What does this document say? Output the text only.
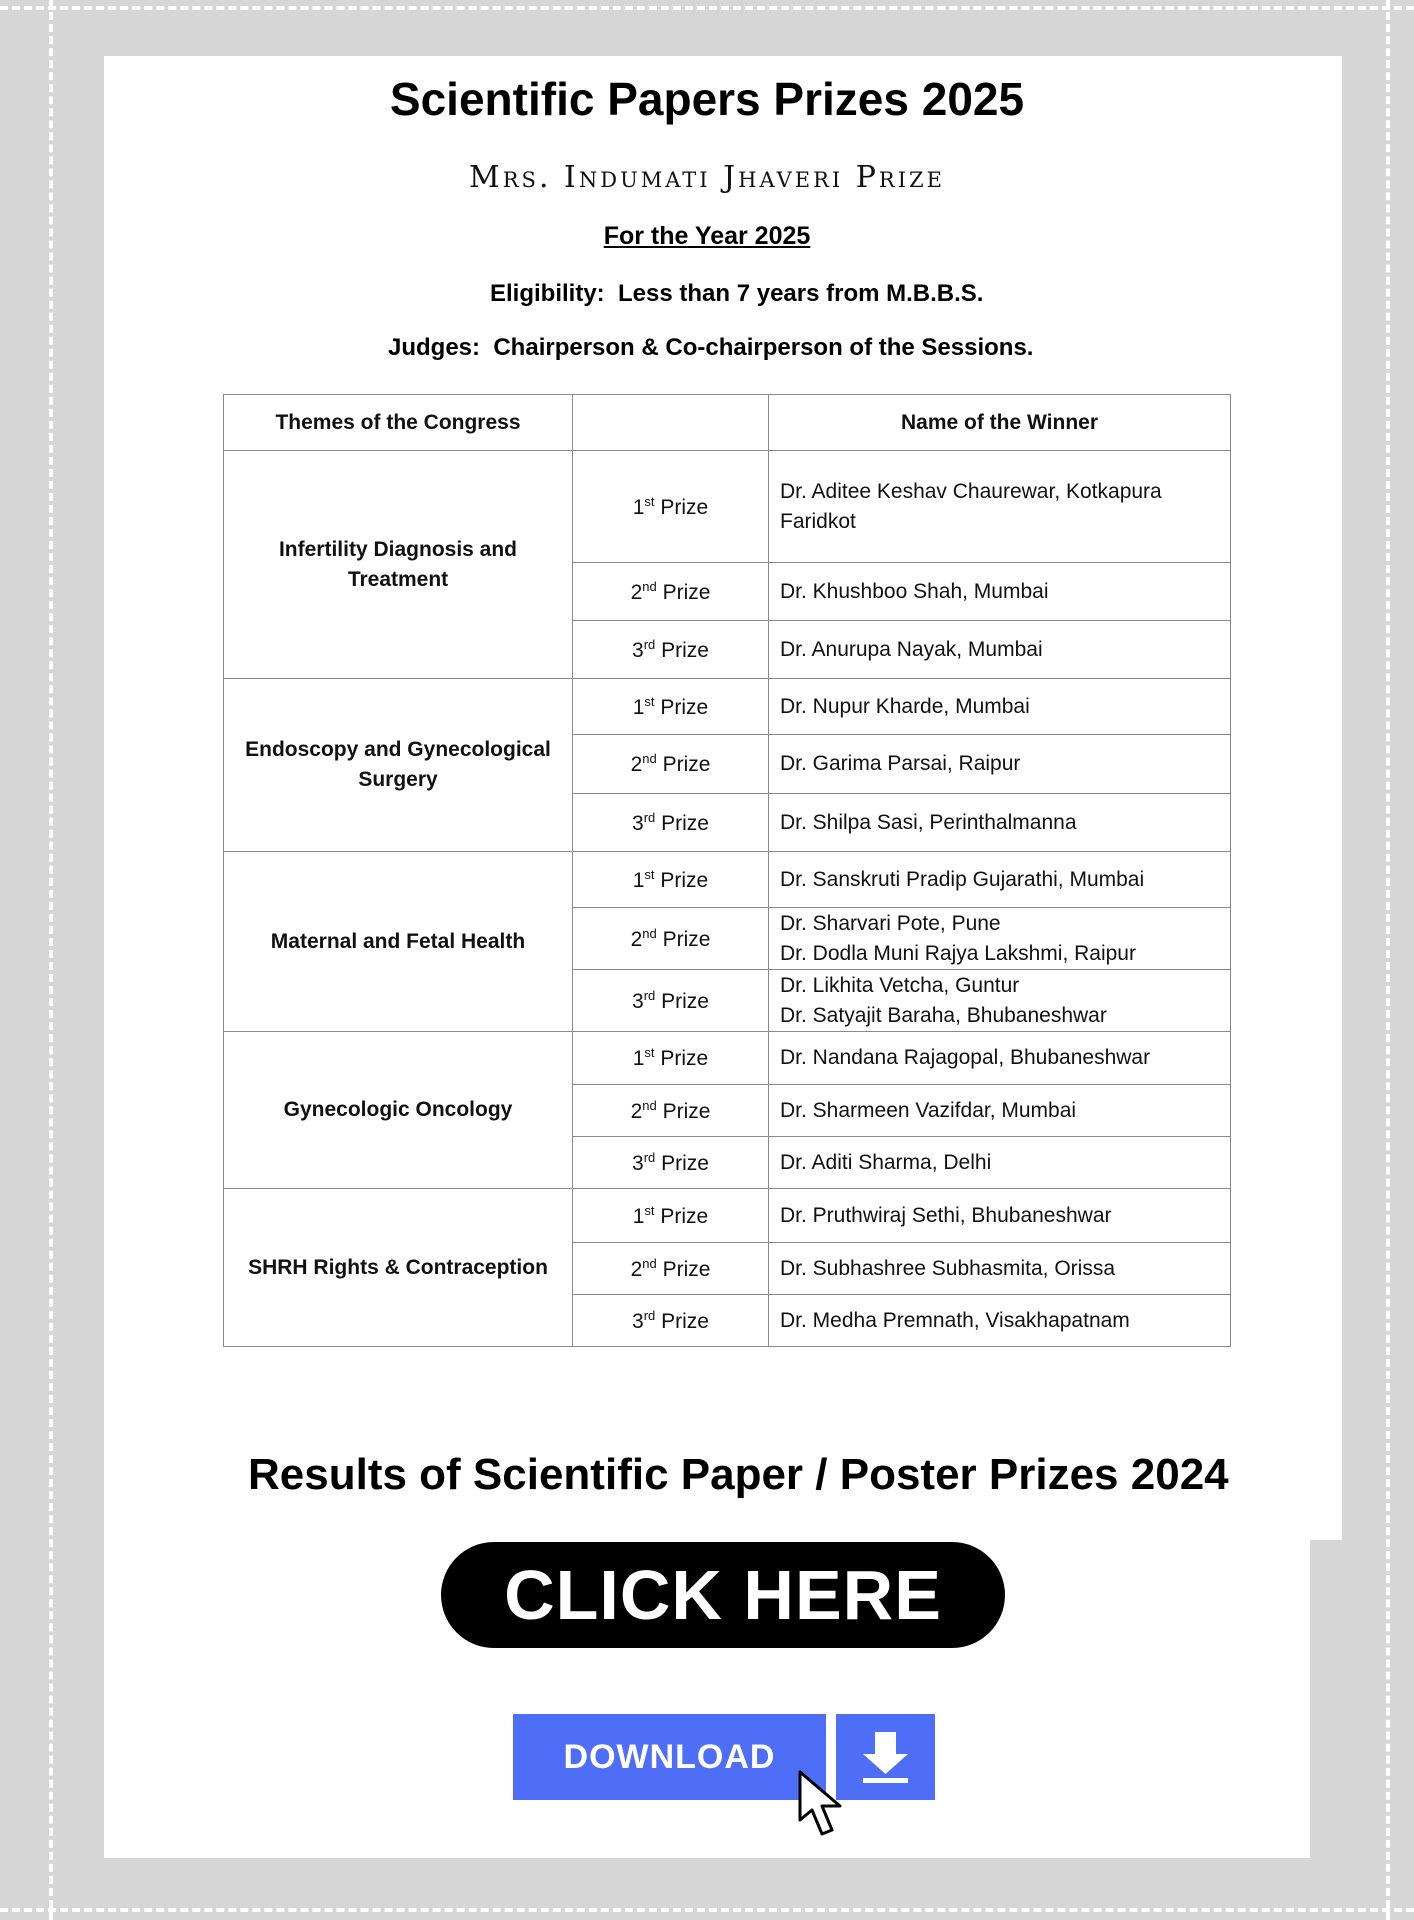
Scientific Papers Prizes 2025
Mrs. Indumati Jhaveri Prize
For the Year 2025
Eligibility:  Less than 7 years from M.B.B.S.
Judges:  Chairperson & Co-chairperson of the Sessions.
Themes of the Congress		Name of the Winner

Infertility Diagnosis and
Treatment	1st Prize	Dr. Aditee Keshav Chaurewar, Kotkapura
Faridkot

	2nd Prize	Dr. Khushboo Shah, Mumbai

	3rd Prize	Dr. Anurupa Nayak, Mumbai

Endoscopy and Gynecological
Surgery	1st Prize	Dr. Nupur Kharde, Mumbai

	2nd Prize	Dr. Garima Parsai, Raipur

	3rd Prize	Dr. Shilpa Sasi, Perinthalmanna

Maternal and Fetal Health	1st Prize	Dr. Sanskruti Pradip Gujarathi, Mumbai

	2nd Prize	Dr. Sharvari Pote, Pune
Dr. Dodla Muni Rajya Lakshmi, Raipur

	3rd Prize	Dr. Likhita Vetcha, Guntur
Dr. Satyajit Baraha, Bhubaneshwar

Gynecologic Oncology	1st Prize	Dr. Nandana Rajagopal, Bhubaneshwar

	2nd Prize	Dr. Sharmeen Vazifdar, Mumbai

	3rd Prize	Dr. Aditi Sharma, Delhi

SHRH Rights & Contraception	1st Prize	Dr. Pruthwiraj Sethi, Bhubaneshwar

	2nd Prize	Dr. Subhashree Subhasmita, Orissa

	3rd Prize	Dr. Medha Premnath, Visakhapatnam
Results of Scientific Paper / Poster Prizes 2024
CLICK HERE
DOWNLOAD
